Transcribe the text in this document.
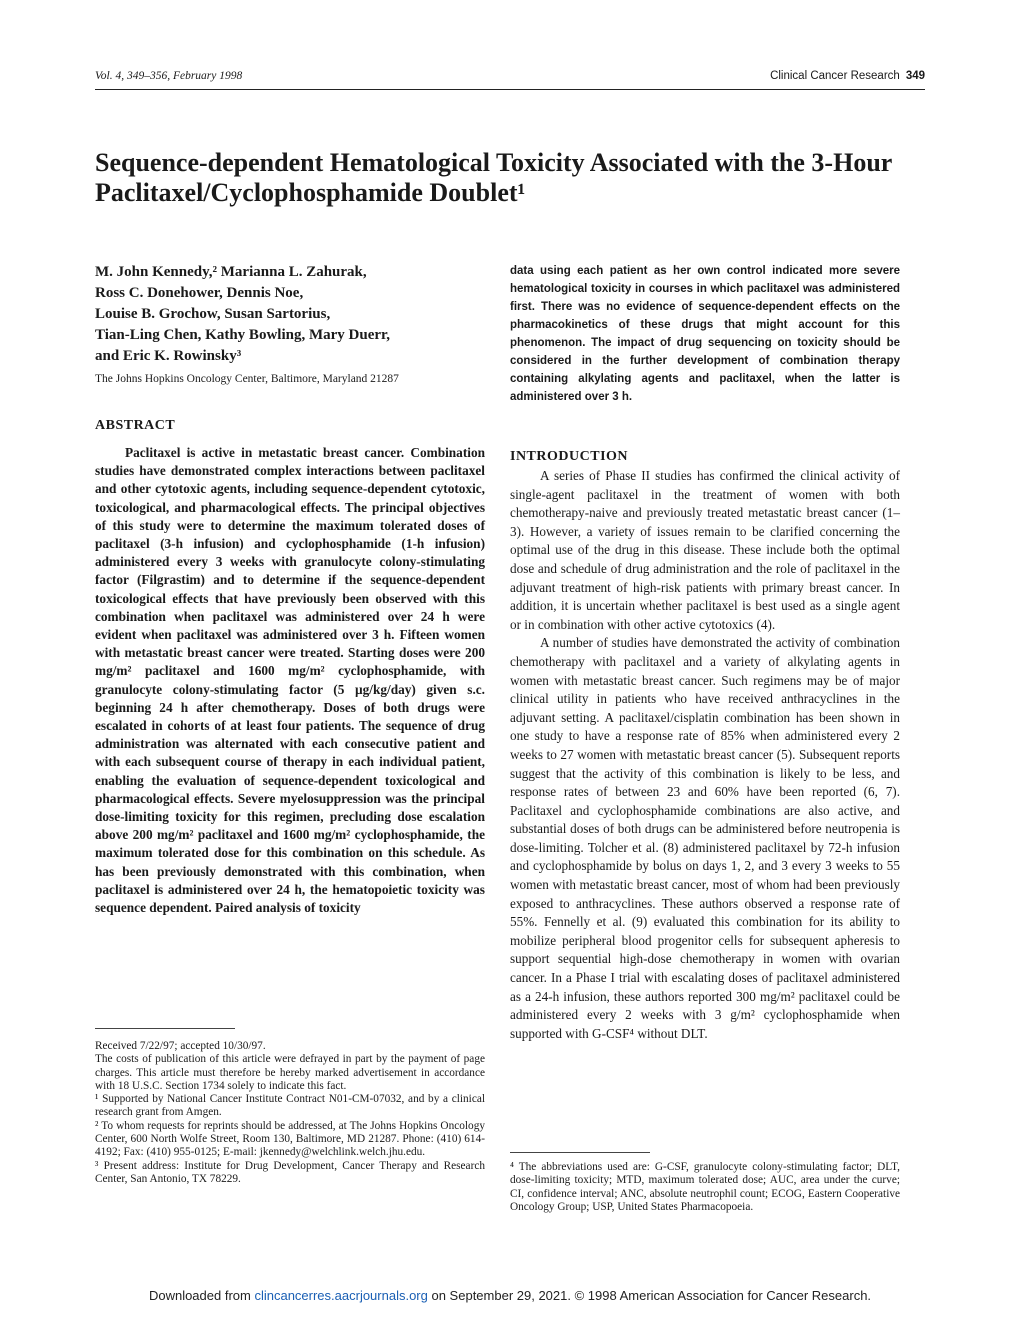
Vol. 4, 349–356, February 1998	Clinical Cancer Research 349
Sequence-dependent Hematological Toxicity Associated with the 3-Hour Paclitaxel/Cyclophosphamide Doublet¹
M. John Kennedy,² Marianna L. Zahurak,
Ross C. Donehower, Dennis Noe,
Louise B. Grochow, Susan Sartorius,
Tian-Ling Chen, Kathy Bowling, Mary Duerr,
and Eric K. Rowinsky³
The Johns Hopkins Oncology Center, Baltimore, Maryland 21287
ABSTRACT

Paclitaxel is active in metastatic breast cancer. Combination studies have demonstrated complex interactions between paclitaxel and other cytotoxic agents, including sequence-dependent cytotoxic, toxicological, and pharmacological effects. The principal objectives of this study were to determine the maximum tolerated doses of paclitaxel (3-h infusion) and cyclophosphamide (1-h infusion) administered every 3 weeks with granulocyte colony-stimulating factor (Filgrastim) and to determine if the sequence-dependent toxicological effects that have previously been observed with this combination when paclitaxel was administered over 24 h were evident when paclitaxel was administered over 3 h. Fifteen women with metastatic breast cancer were treated. Starting doses were 200 mg/m² paclitaxel and 1600 mg/m² cyclophosphamide, with granulocyte colony-stimulating factor (5 µg/kg/day) given s.c. beginning 24 h after chemotherapy. Doses of both drugs were escalated in cohorts of at least four patients. The sequence of drug administration was alternated with each consecutive patient and with each subsequent course of therapy in each individual patient, enabling the evaluation of sequence-dependent toxicological and pharmacological effects. Severe myelosuppression was the principal dose-limiting toxicity for this regimen, precluding dose escalation above 200 mg/m² paclitaxel and 1600 mg/m² cyclophosphamide, the maximum tolerated dose for this combination on this schedule. As has been previously demonstrated with this combination, when paclitaxel is administered over 24 h, the hematopoietic toxicity was sequence dependent. Paired analysis of toxicity

Received 7/22/97; accepted 10/30/97.

The costs of publication of this article were defrayed in part by the payment of page charges. This article must therefore be hereby marked advertisement in accordance with 18 U.S.C. Section 1734 solely to indicate this fact.

¹ Supported by National Cancer Institute Contract N01-CM-07032, and by a clinical research grant from Amgen.

² To whom requests for reprints should be addressed, at The Johns Hopkins Oncology Center, 600 North Wolfe Street, Room 130, Baltimore, MD 21287. Phone: (410) 614-4192; Fax: (410) 955-0125; E-mail: jkennedy@welchlink.welch.jhu.edu.

³ Present address: Institute for Drug Development, Cancer Therapy and Research Center, San Antonio, TX 78229.

data using each patient as her own control indicated more severe hematological toxicity in courses in which paclitaxel was administered first. There was no evidence of sequence-dependent effects on the pharmacokinetics of these drugs that might account for this phenomenon. The impact of drug sequencing on toxicity should be considered in the further development of combination therapy containing alkylating agents and paclitaxel, when the latter is administered over 3 h.

INTRODUCTION

A series of Phase II studies has confirmed the clinical activity of single-agent paclitaxel in the treatment of women with both chemotherapy-naive and previously treated metastatic breast cancer (1–3). However, a variety of issues remain to be clarified concerning the optimal use of the drug in this disease. These include both the optimal dose and schedule of drug administration and the role of paclitaxel in the adjuvant treatment of high-risk patients with primary breast cancer. In addition, it is uncertain whether paclitaxel is best used as a single agent or in combination with other active cytotoxics (4).

A number of studies have demonstrated the activity of combination chemotherapy with paclitaxel and a variety of alkylating agents in women with metastatic breast cancer. Such regimens may be of major clinical utility in patients who have received anthracyclines in the adjuvant setting. A paclitaxel/cisplatin combination has been shown in one study to have a response rate of 85% when administered every 2 weeks to 27 women with metastatic breast cancer (5). Subsequent reports suggest that the activity of this combination is likely to be less, and response rates of between 23 and 60% have been reported (6, 7). Paclitaxel and cyclophosphamide combinations are also active, and substantial doses of both drugs can be administered before neutropenia is dose-limiting. Tolcher et al. (8) administered paclitaxel by 72-h infusion and cyclophosphamide by bolus on days 1, 2, and 3 every 3 weeks to 55 women with metastatic breast cancer, most of whom had been previously exposed to anthracyclines. These authors observed a response rate of 55%. Fennelly et al. (9) evaluated this combination for its ability to mobilize peripheral blood progenitor cells for subsequent apheresis to support sequential high-dose chemotherapy in women with ovarian cancer. In a Phase I trial with escalating doses of paclitaxel administered as a 24-h infusion, these authors reported 300 mg/m² paclitaxel could be administered every 2 weeks with 3 g/m² cyclophosphamide when supported with G-CSF⁴ without DLT.

⁴ The abbreviations used are: G-CSF, granulocyte colony-stimulating factor; DLT, dose-limiting toxicity; MTD, maximum tolerated dose; AUC, area under the curve; CI, confidence interval; ANC, absolute neutrophil count; ECOG, Eastern Cooperative Oncology Group; USP, United States Pharmacopoeia.
Downloaded from clincancerres.aacrjournals.org on September 29, 2021. © 1998 American Association for Cancer Research.
